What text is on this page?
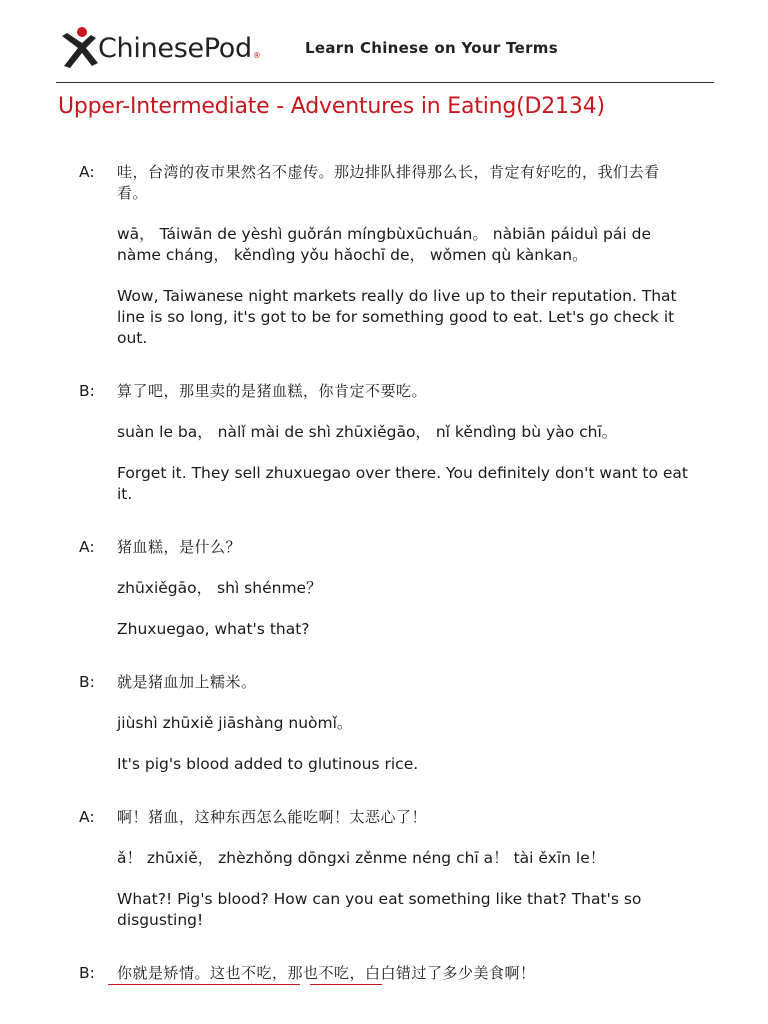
ChinesePod ®	Learn Chinese on Your Terms
Upper-Intermediate - Adventures in Eating(D2134)
A:	哇，台湾的夜市果然名不虚传。那边排队排得那么长，肯定有好吃的，我们去看看。

wā， Táiwān de yèshì guǒrán míngbùxūchuán。 nàbiān páiduì pái de nàme cháng， kěndìng yǒu hǎochī de， wǒmen qù kànkan。

Wow, Taiwanese night markets really do live up to their reputation. That line is so long, it's got to be for something good to eat. Let's go check it out.

B:	算了吧，那里卖的是猪血糕，你肯定不要吃。

suàn le ba， nàlǐ mài de shì zhūxiěgāo， nǐ kěndìng bù yào chī。

Forget it. They sell zhuxuegao over there. You definitely don't want to eat it.

A:	猪血糕，是什么？

zhūxiěgāo， shì shénme？

Zhuxuegao, what's that?

B:	就是猪血加上糯米。

jiùshì zhūxiě jiāshàng nuòmǐ。

It's pig's blood added to glutinous rice.

A:	啊！猪血，这种东西怎么能吃啊！太恶心了！

ǎ！ zhūxiě， zhèzhǒng dōngxi zěnme néng chī a！ tài ěxīn le！

What?! Pig's blood? How can you eat something like that? That's so disgusting!

B:	你就是矫情。这也不吃，那也不吃，白白错过了多少美食啊！
